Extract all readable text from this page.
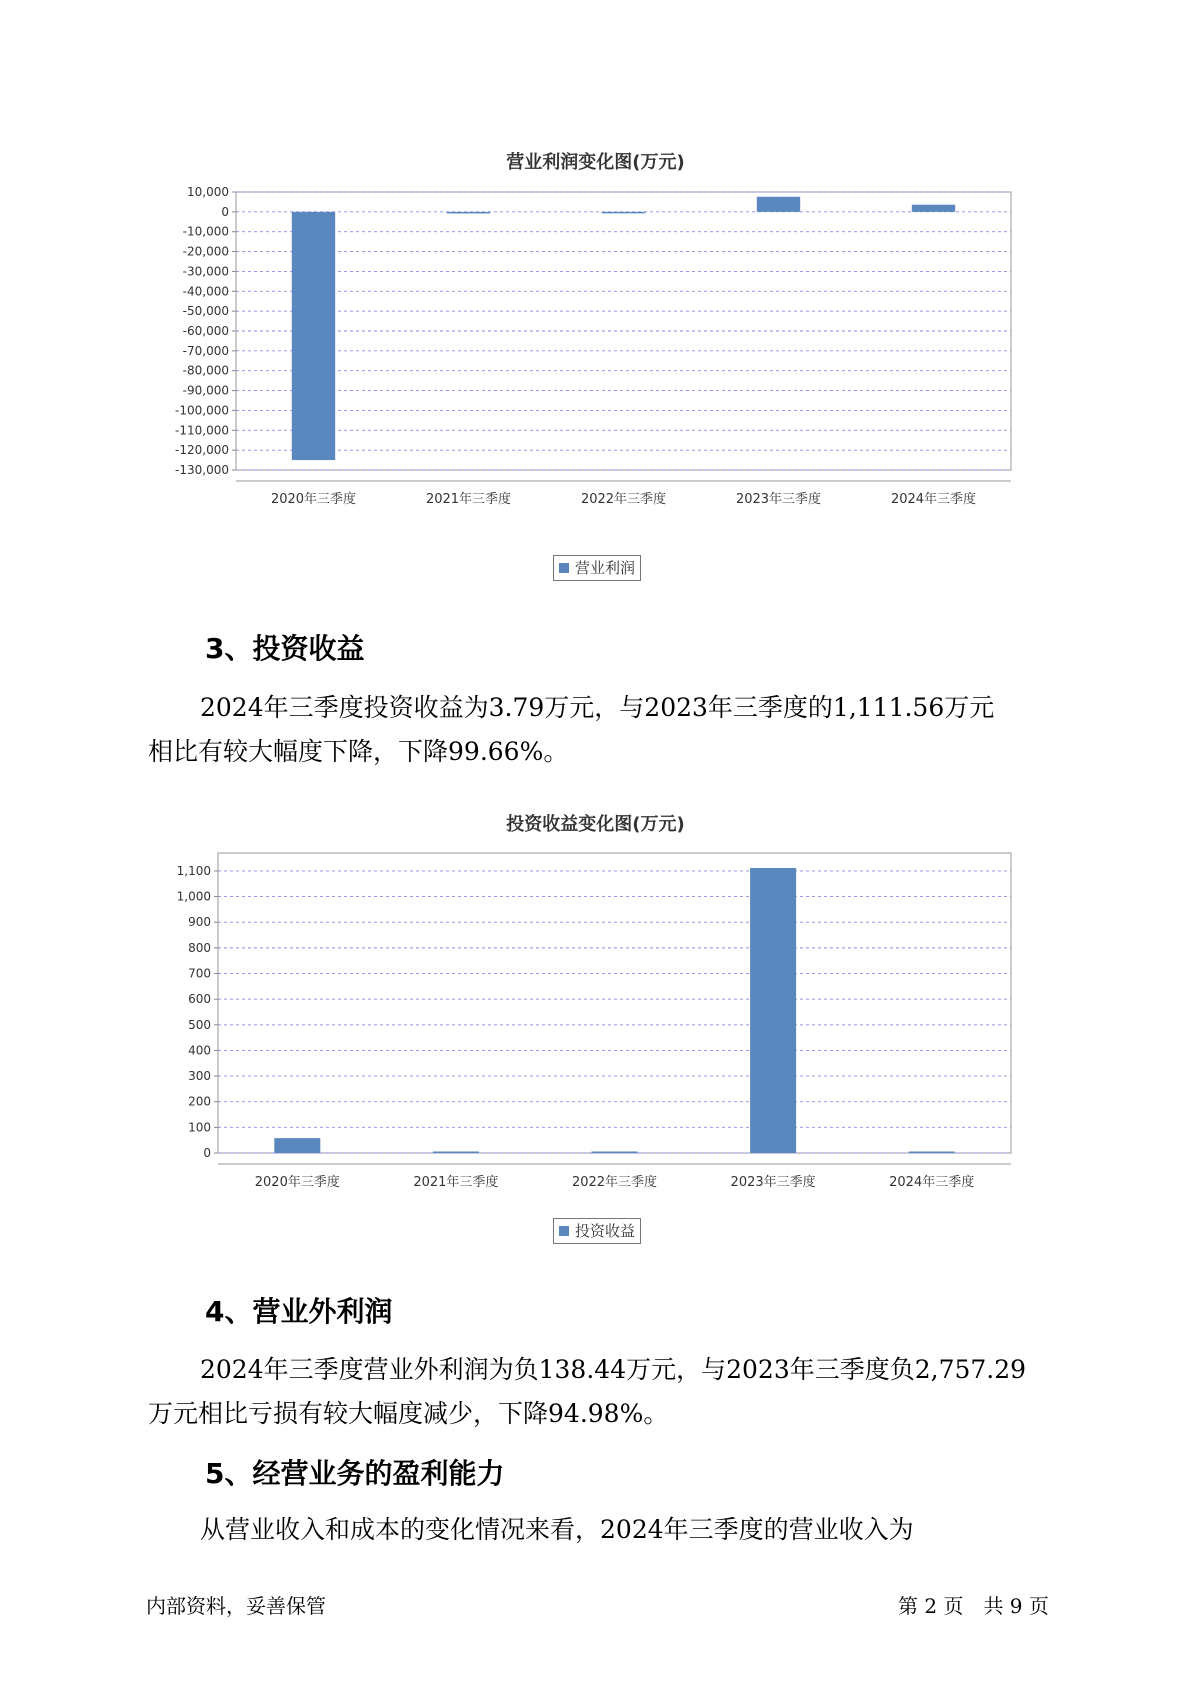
营业利润变化图(万元)
10,000
0
-10,000
-20,000
-30,000
-40,000
-50,000
-60,000
-70,000
-80,000
-90,000
-100,000
-110,000
-120,000
-130,000
2020年三季度	2021年三季度	2022年三季度	2023年三季度	2024年三季度
营业利润
3、投资收益
2024年三季度投资收益为3.79万元，与2023年三季度的1,111.56万元
相比有较大幅度下降，下降99.66%。
投资收益变化图(万元)
0
100
200
300
400
500
600
700
800
900
1,000
1,100
2020年三季度	2021年三季度	2022年三季度	2023年三季度	2024年三季度
投资收益
4、营业外利润
2024年三季度营业外利润为负138.44万元，与2023年三季度负2,757.29
万元相比亏损有较大幅度减少，下降94.98%。
5、经营业务的盈利能力
从营业收入和成本的变化情况来看，2024年三季度的营业收入为
内部资料，妥善保管	第 2 页　共 9 页
